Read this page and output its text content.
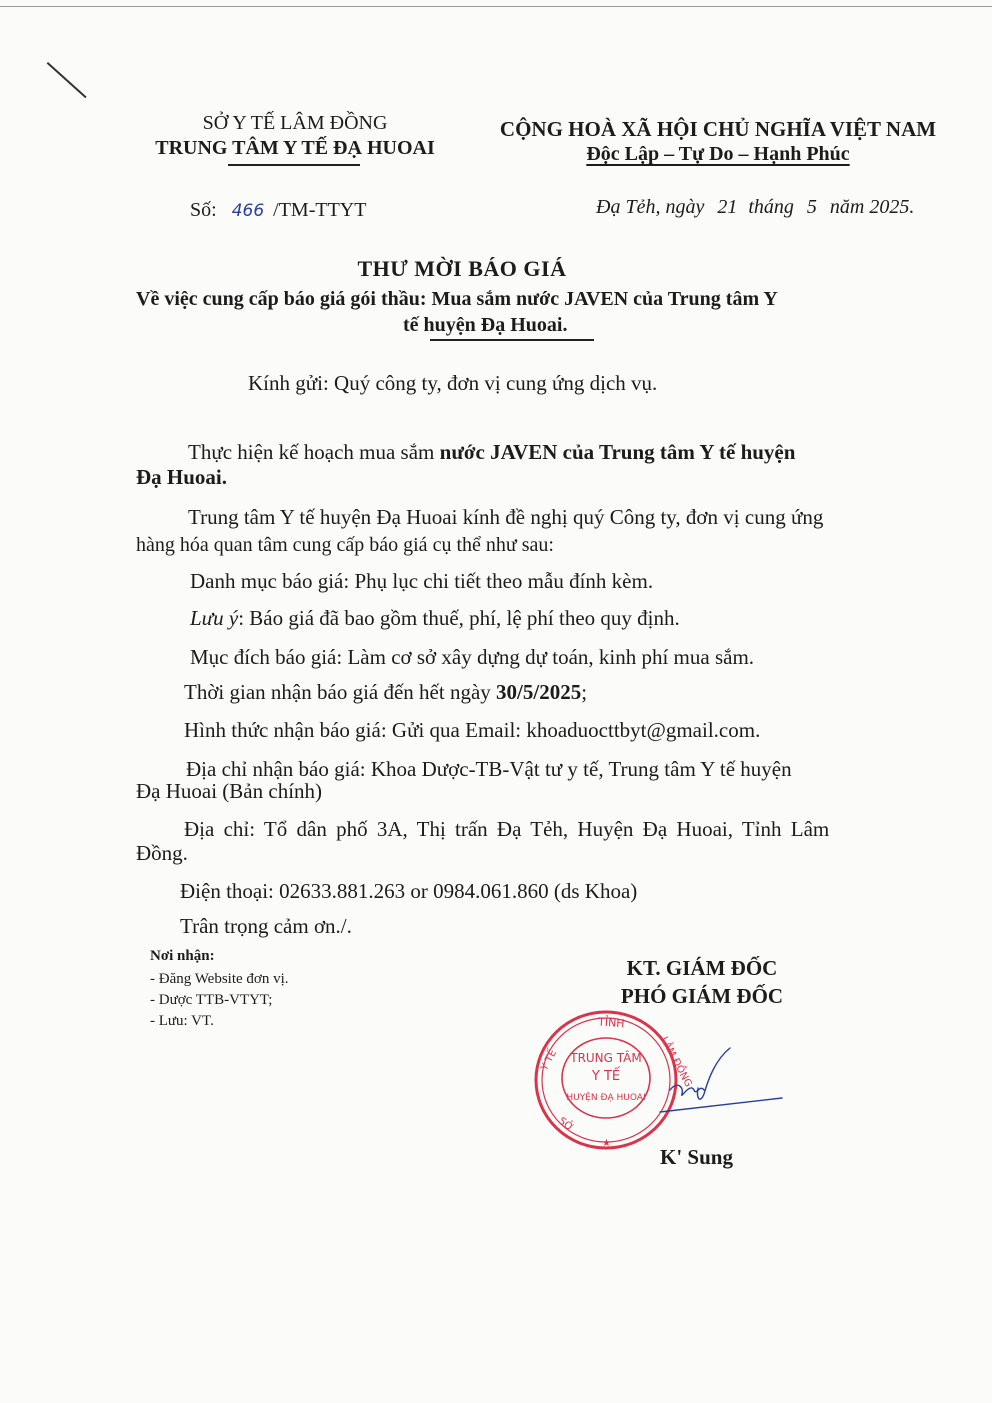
SỞ Y TẾ LÂM ĐỒNG
TRUNG TÂM Y TẾ ĐẠ HUOAI
CỘNG HOÀ XÃ HỘI CHỦ NGHĨA VIỆT NAM
Độc Lập – Tự Do – Hạnh Phúc
Số: 466 /TM-TTYT	Đạ Tẻh, ngày 21 tháng 5 năm 2025.
THƯ MỜI BÁO GIÁ
Về việc cung cấp báo giá gói thầu: Mua sắm nước JAVEN của Trung tâm Y
tế huyện Đạ Huoai.
Kính gửi: Quý công ty, đơn vị cung ứng dịch vụ.
Thực hiện kế hoạch mua sắm nước JAVEN của Trung tâm Y tế huyện
Đạ Huoai.
Trung tâm Y tế huyện Đạ Huoai kính đề nghị quý Công ty, đơn vị cung ứng
hàng hóa quan tâm cung cấp báo giá cụ thể như sau:
Danh mục báo giá: Phụ lục chi tiết theo mẫu đính kèm.
Lưu ý: Báo giá đã bao gồm thuế, phí, lệ phí theo quy định.
Mục đích báo giá: Làm cơ sở xây dựng dự toán, kinh phí mua sắm.
Thời gian nhận báo giá đến hết ngày 30/5/2025;
Hình thức nhận báo giá: Gửi qua Email: khoaduocttbyt@gmail.com.
Địa chỉ nhận báo giá: Khoa Dược-TB-Vật tư y tế, Trung tâm Y tế huyện
Đạ Huoai (Bản chính)
Địa chỉ: Tổ dân phố 3A, Thị trấn Đạ Tẻh, Huyện Đạ Huoai, Tỉnh Lâm
Đồng.
Điện thoại: 02633.881.263 or 0984.061.860 (ds Khoa)
Trân trọng cảm ơn./.
Nơi nhận:
- Đăng Website đơn vị.
- Dược TTB-VTYT;
- Lưu: VT.
KT. GIÁM ĐỐC
PHÓ GIÁM ĐỐC
TỈNH
Y TẾ	LÂM ĐỒNG
SỞ
TRUNG TÂM
Y TẾ
HUYỆN ĐẠ HUOAI
★
K' Sung
